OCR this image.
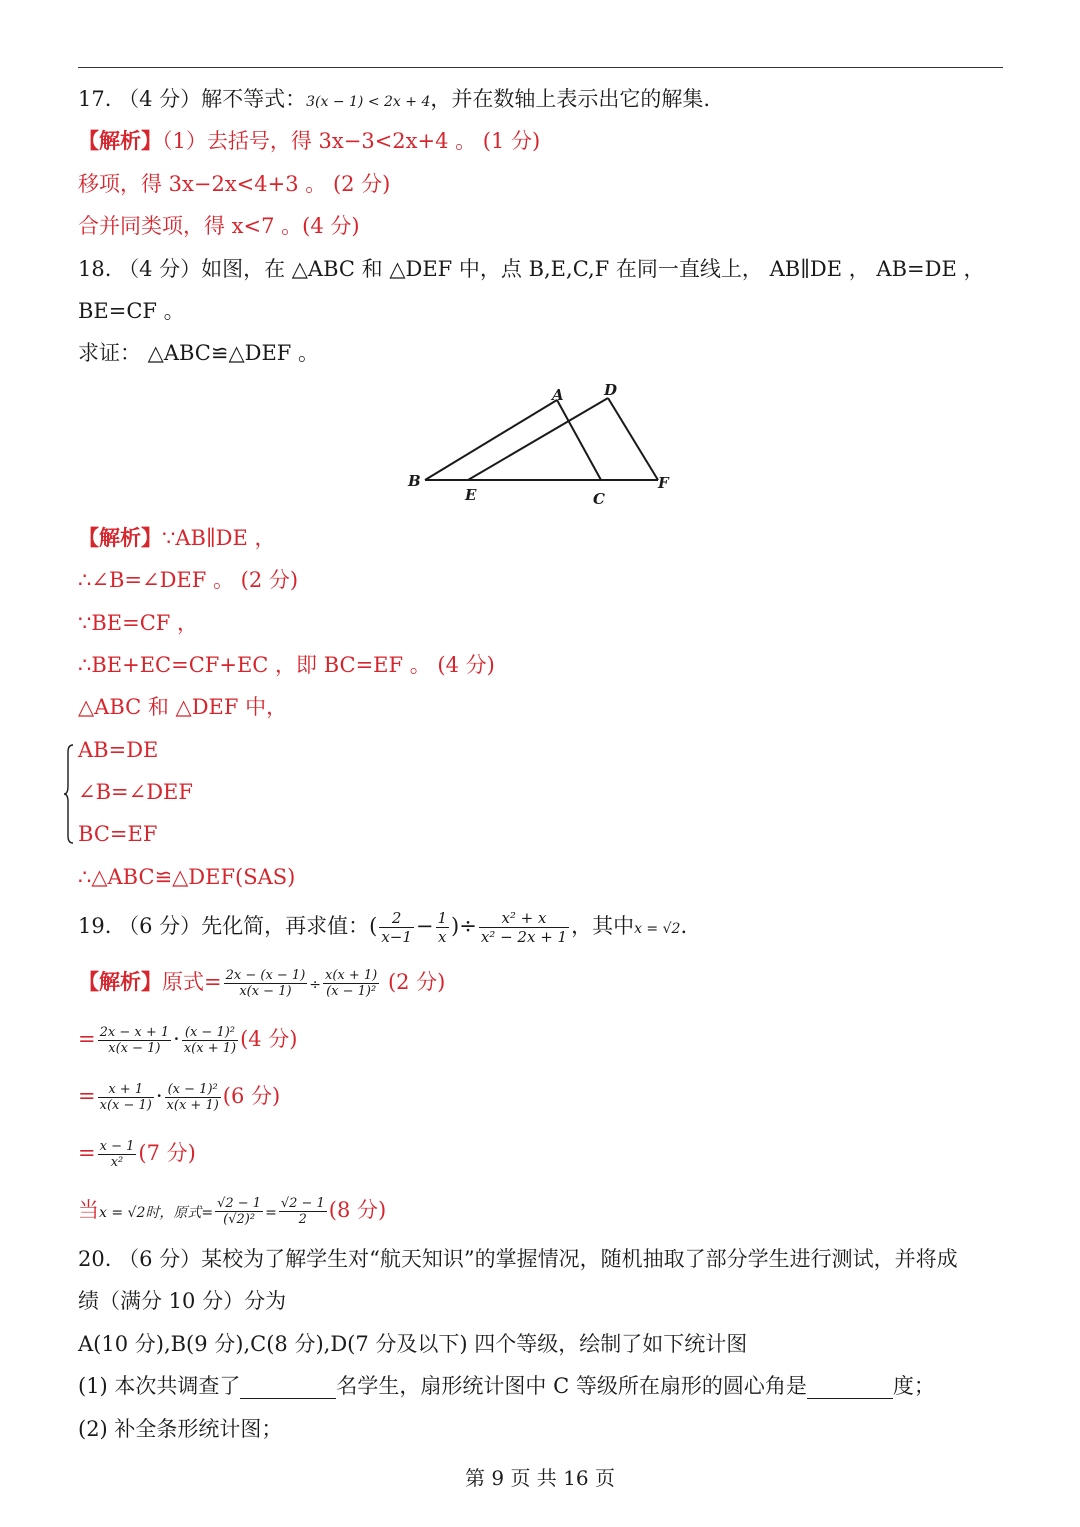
17. （4 分）解不等式：3(x − 1) < 2x + 4，并在数轴上表示出它的解集.
【解析】（1）去括号，得 3x−3<2x+4 。 (1 分)
移项，得 3x−2x<4+3 。 (2 分)
合并同类项，得 x<7 。(4 分)
18. （4 分）如图，在 △ABC 和 △DEF 中，点 B,E,C,F 在同一直线上， AB∥DE ， AB=DE ，
BE=CF 。
求证： △ABC≌△DEF 。
A	D
B
E	C
F
【解析】∵AB∥DE ，
∴∠B=∠DEF 。 (2 分)
∵BE=CF ，
∴BE+EC=CF+EC ，即 BC=EF 。 (4 分)
△ABC 和 △DEF 中，
AB=DE
∠B=∠DEF
BC=EF
∴△ABC≌△DEF(SAS)
19. （6 分）先化简，再求值：( $\frac{2}{x-1} - \frac{1}{x}$ )÷ $\frac{\text{x² + x}}{\text{x² − 2x + 1}}$ ，其中x = √2.
【解析】原式= $\frac{2x - (x - 1)}{x(x - 1)} \div \frac{x(x + 1)}{\text{(x − 1)²}} (2$ 分)
= $\frac{2x - x + 1}{x(x - 1)} \cdot \frac{\text{(x − 1)²}}{x(x + 1)} (4$ 分)
= $\frac{x + 1}{x(x - 1)} \cdot \frac{\text{(x − 1)²}}{x(x + 1)} (6$ 分)
= $\frac{x - 1}{\text{x²}} (7$ 分)
当x = √2时，原式= $\frac{√2 - 1}{\text{(√2)²}} = \frac{√2 - 1}{2} (8$ 分)
20. （6 分）某校为了解学生对“航天知识”的掌握情况，随机抽取了部分学生进行测试，并将成
绩（满分 10 分）分为
A(10 分),B(9 分),C(8 分),D(7 分及以下) 四个等级，绘制了如下统计图
(1) 本次共调查了	名学生，扇形统计图中 C 等级所在扇形的圆心角是	度；
(2) 补全条形统计图；
第 9 页 共 16 页
